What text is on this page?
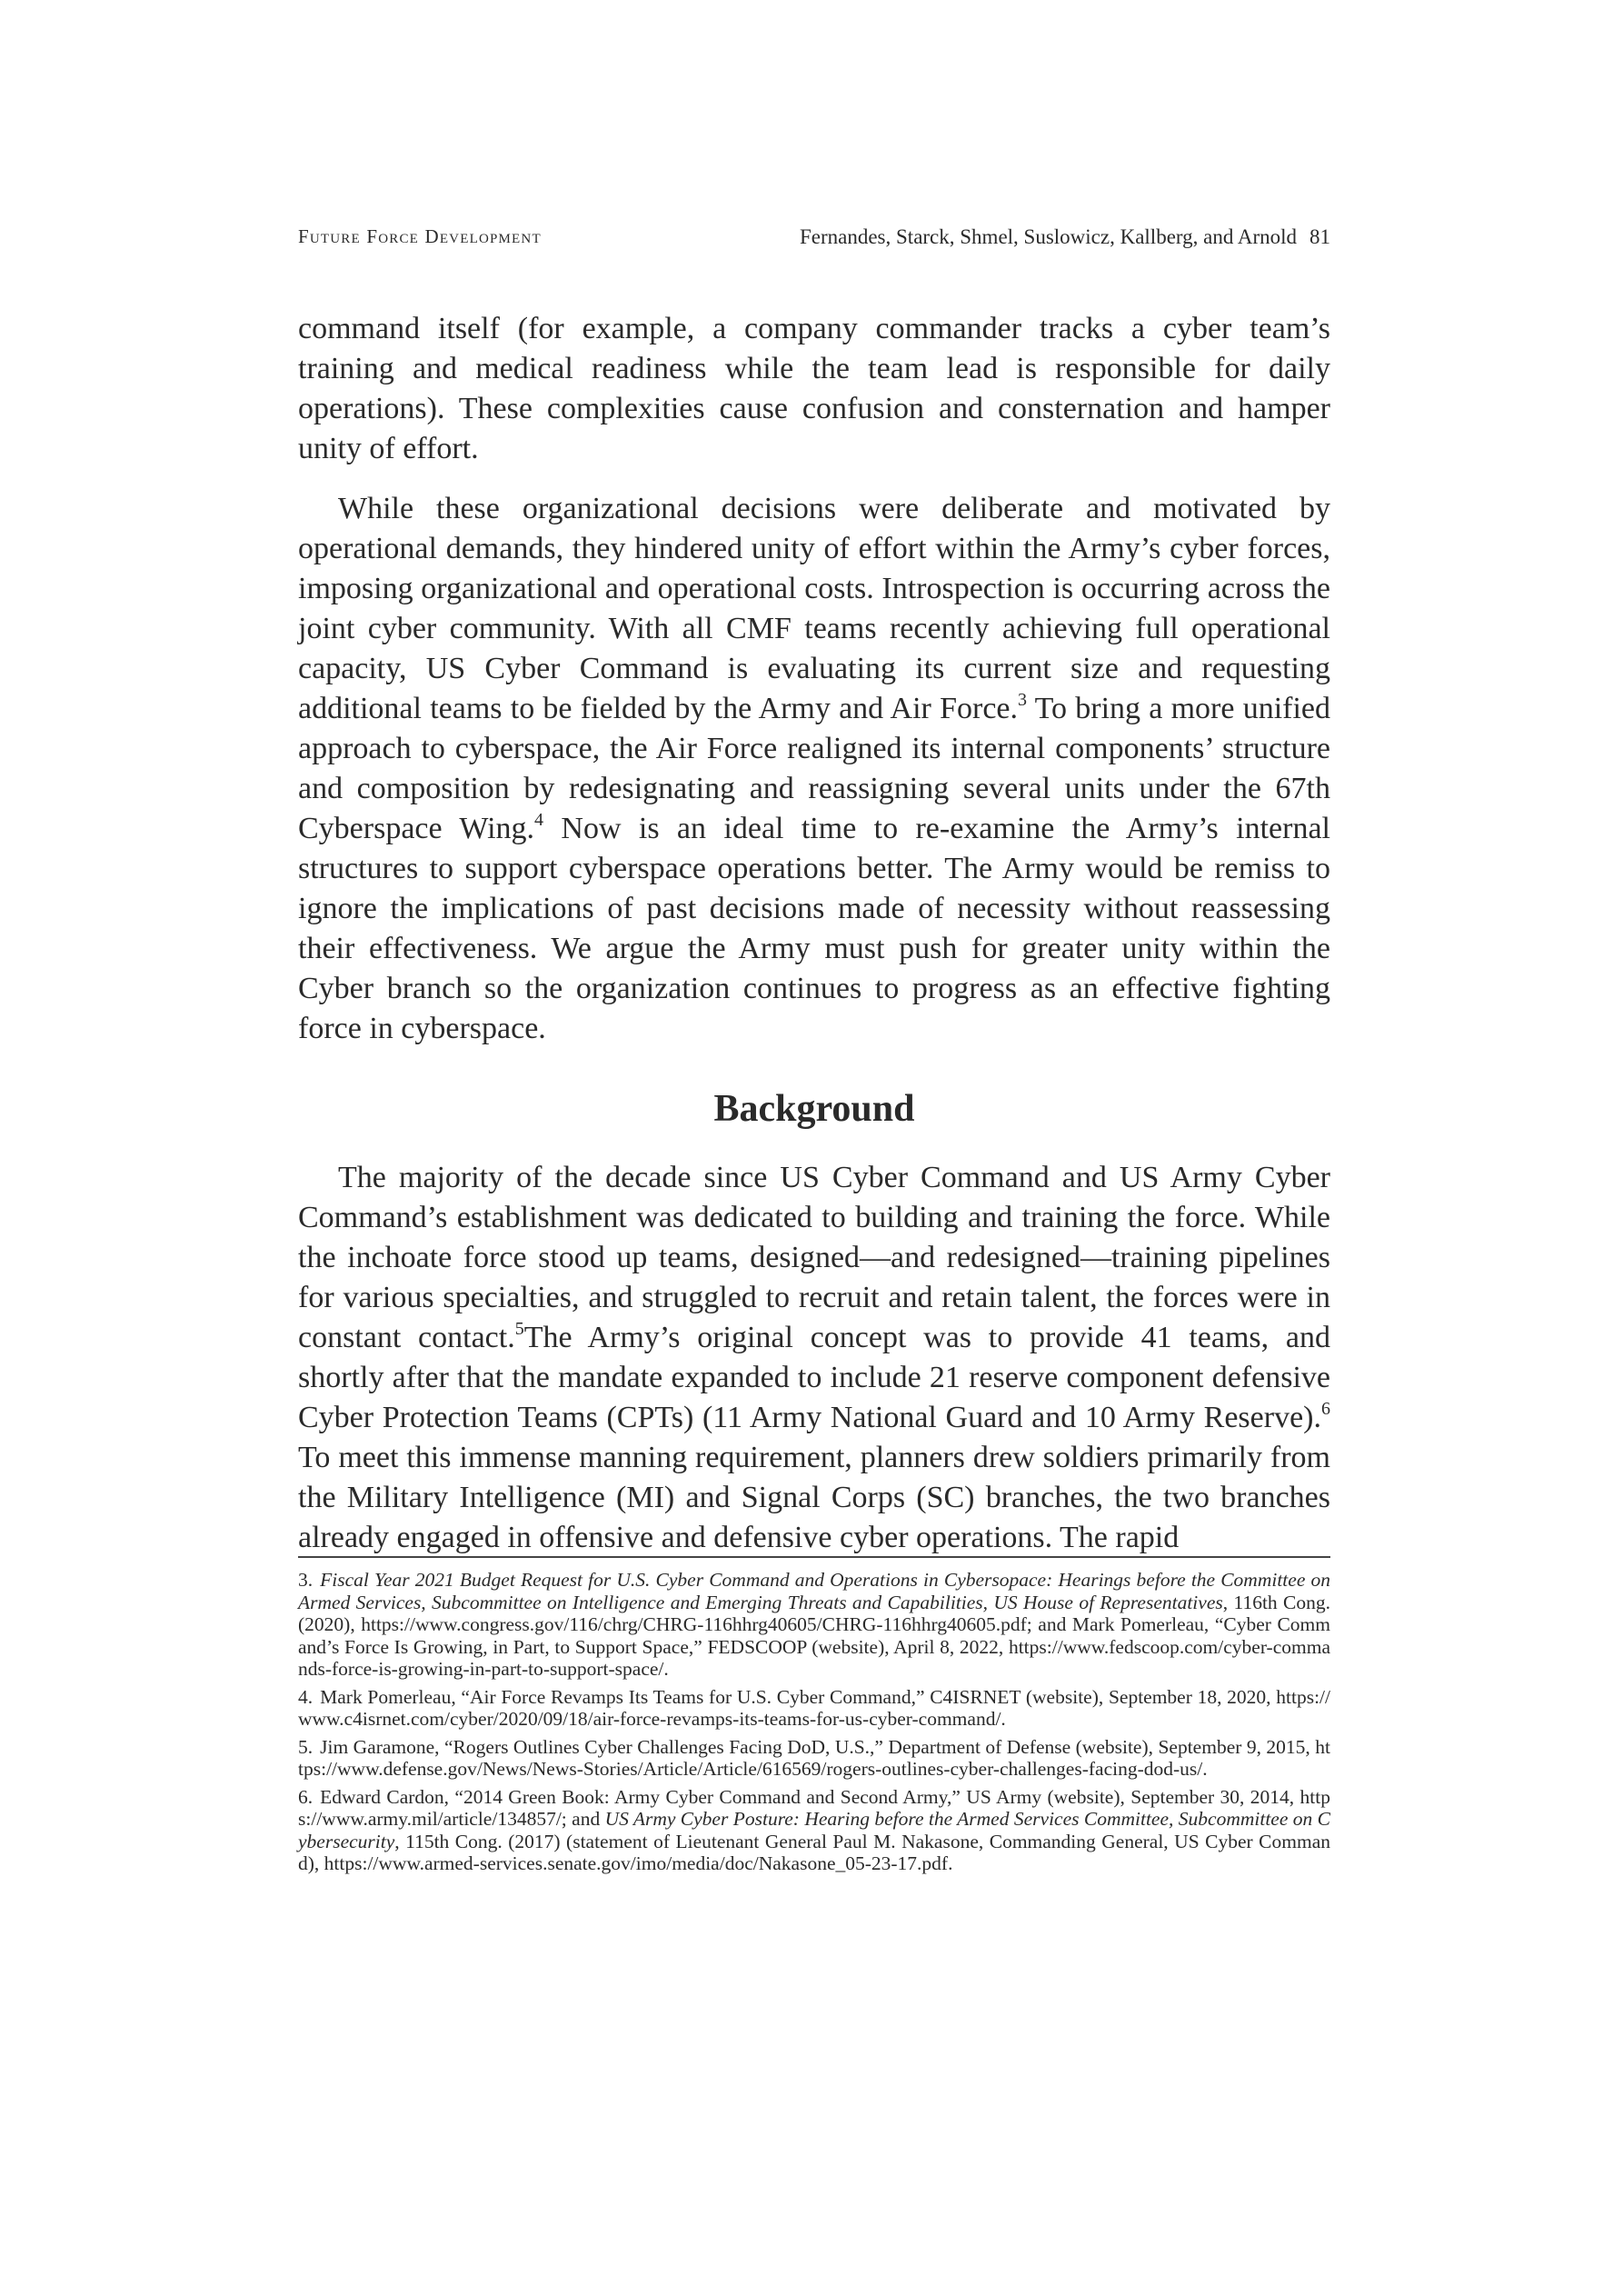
Future Force Development	Fernandes, Starck, Shmel, Suslowicz, Kallberg, and Arnold 81

command itself (for example, a company commander tracks a cyber team’s training and medical readiness while the team lead is responsible for daily operations). These complexities cause confusion and consternation and hamper unity of effort.

While these organizational decisions were deliberate and motivated by operational demands, they hindered unity of effort within the Army’s cyber forces, imposing organizational and operational costs. Introspection is occurring across the joint cyber community. With all CMF teams recently achieving full operational capacity, US Cyber Command is evaluating its current size and requesting additional teams to be fielded by the Army and Air Force.$^3$ To bring a more unified approach to cyberspace, the Air Force realigned its internal components’ structure and composition by redesignating and reassigning several units under the 67th Cyberspace Wing.$^4$ Now is an ideal time to re-examine the Army’s internal structures to support cyberspace operations better. The Army would be remiss to ignore the implications of past decisions made of necessity without reassessing their effectiveness. We argue the Army must push for greater unity within the Cyber branch so the organization continues to progress as an effective fighting force in cyberspace.

Background

The majority of the decade since US Cyber Command and US Army Cyber Command’s establishment was dedicated to building and training the force. While the inchoate force stood up teams, designed—and redesigned—training pipelines for various specialties, and struggled to recruit and retain talent, the forces were in constant contact.$^5$The Army’s original concept was to provide 41 teams, and shortly after that the mandate expanded to include 21 reserve component defensive Cyber Protection Teams (CPTs) (11 Army National Guard and 10 Army Reserve).$^6$ To meet this immense manning requirement, planners drew soldiers primarily from the Military Intelligence (MI) and Signal Corps (SC) branches, the two branches already engaged in offensive and defensive cyber operations. The rapid

3. Fiscal Year 2021 Budget Request for U.S. Cyber Command and Operations in Cybersopace: Hearings before the Committee on Armed Services, Subcommittee on Intelligence and Emerging Threats and Capabilities, US House of Representatives, 116th Cong. (2020), https://www.congress.gov/116/chrg/CHRG-116hhrg40605/CHRG-116hhrg40605.pdf; and Mark Pomerleau, “Cyber Command’s Force Is Growing, in Part, to Support Space,” FEDSCOOP (website), April 8, 2022, https://www.fedscoop.com/cyber-commands-force-is-growing-in-part-to-support-space/.

4. Mark Pomerleau, “Air Force Revamps Its Teams for U.S. Cyber Command,” C4ISRNET (website), September 18, 2020, https://www.c4isrnet.com/cyber/2020/09/18/air-force-revamps-its-teams-for-us-cyber-command/.

5. Jim Garamone, “Rogers Outlines Cyber Challenges Facing DoD, U.S.,” Department of Defense (website), September 9, 2015, https://www.defense.gov/News/News-Stories/Article/Article/616569/rogers-outlines-cyber-challenges-facing-dod-us/.

6. Edward Cardon, “2014 Green Book: Army Cyber Command and Second Army,” US Army (website), September 30, 2014, https://www.army.mil/article/134857/; and US Army Cyber Posture: Hearing before the Armed Services Committee, Subcommittee on Cybersecurity, 115th Cong. (2017) (statement of Lieutenant General Paul M. Nakasone, Commanding General, US Cyber Command), https://www.armed-services.senate.gov/imo/media/doc/Nakasone_05-23-17.pdf.
